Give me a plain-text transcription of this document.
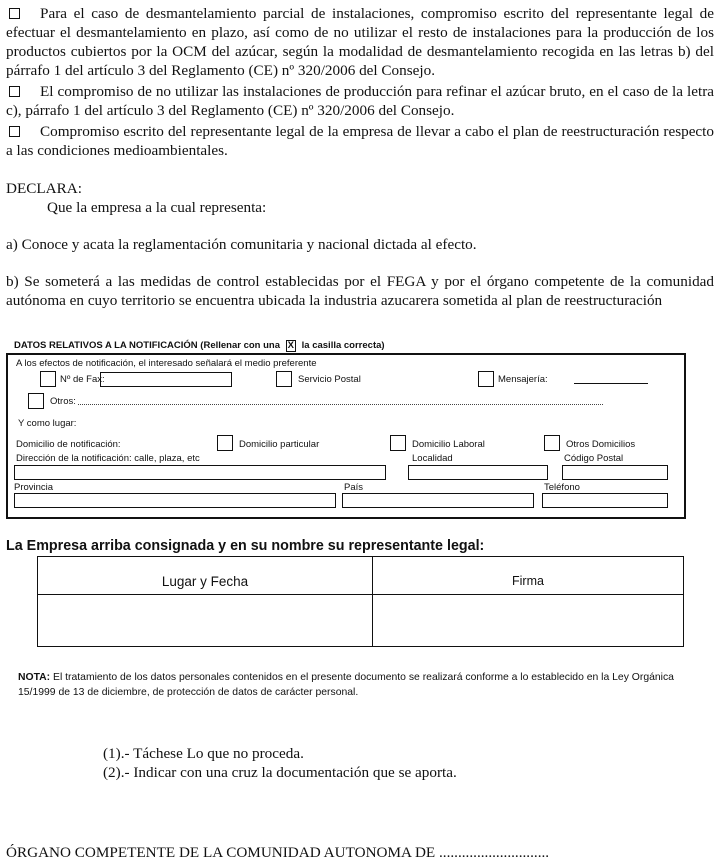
Para el caso de desmantelamiento parcial de instalaciones, compromiso escrito del representante legal de efectuar el desmantelamiento en plazo, así como de no utilizar el resto de instalaciones para la producción de los productos cubiertos por la OCM del azúcar, según la modalidad de desmantelamiento recogida en las letras b) del párrafo 1 del artículo 3 del Reglamento (CE) nº 320/2006 del Consejo.
El compromiso de no utilizar las instalaciones de producción para refinar el azúcar bruto, en el caso de la letra c), párrafo 1 del artículo 3 del Reglamento (CE) nº 320/2006 del Consejo.
Compromiso escrito del representante legal de la empresa de llevar a cabo el plan de reestructuración respecto a las condiciones medioambientales.
DECLARA:
Que la empresa a la cual representa:
a) Conoce y acata la reglamentación comunitaria y nacional dictada al efecto.
b) Se someterá a las medidas de control establecidas por el FEGA y por el órgano competente de la comunidad autónoma en cuyo territorio se encuentra ubicada la industria azucarera sometida al plan de reestructuración
DATOS RELATIVOS A LA NOTIFICACIÓN (Rellenar con una X la casilla correcta)
A los efectos de notificación, el interesado señalará el medio preferente
Nº de Fax:	Servicio Postal	Mensajería:
Otros:
Y como lugar:
Domicilio de notificación:	Domicilio particular	Domicilio Laboral	Otros Domicilios
Dirección de la notificación: calle, plaza, etc	Localidad	Código Postal
Provincia	País	Teléfono
La Empresa arriba consignada y en su nombre su representante legal:
Lugar y Fecha	Firma
NOTA: El tratamiento de los datos personales contenidos en el presente documento se realizará conforme a lo establecido en la Ley Orgánica 15/1999 de 13 de diciembre, de protección de datos de carácter personal.
(1).- Táchese Lo que no proceda.
(2).- Indicar con una cruz la documentación que se aporta.
ÓRGANO COMPETENTE DE LA COMUNIDAD AUTONOMA DE .............................
